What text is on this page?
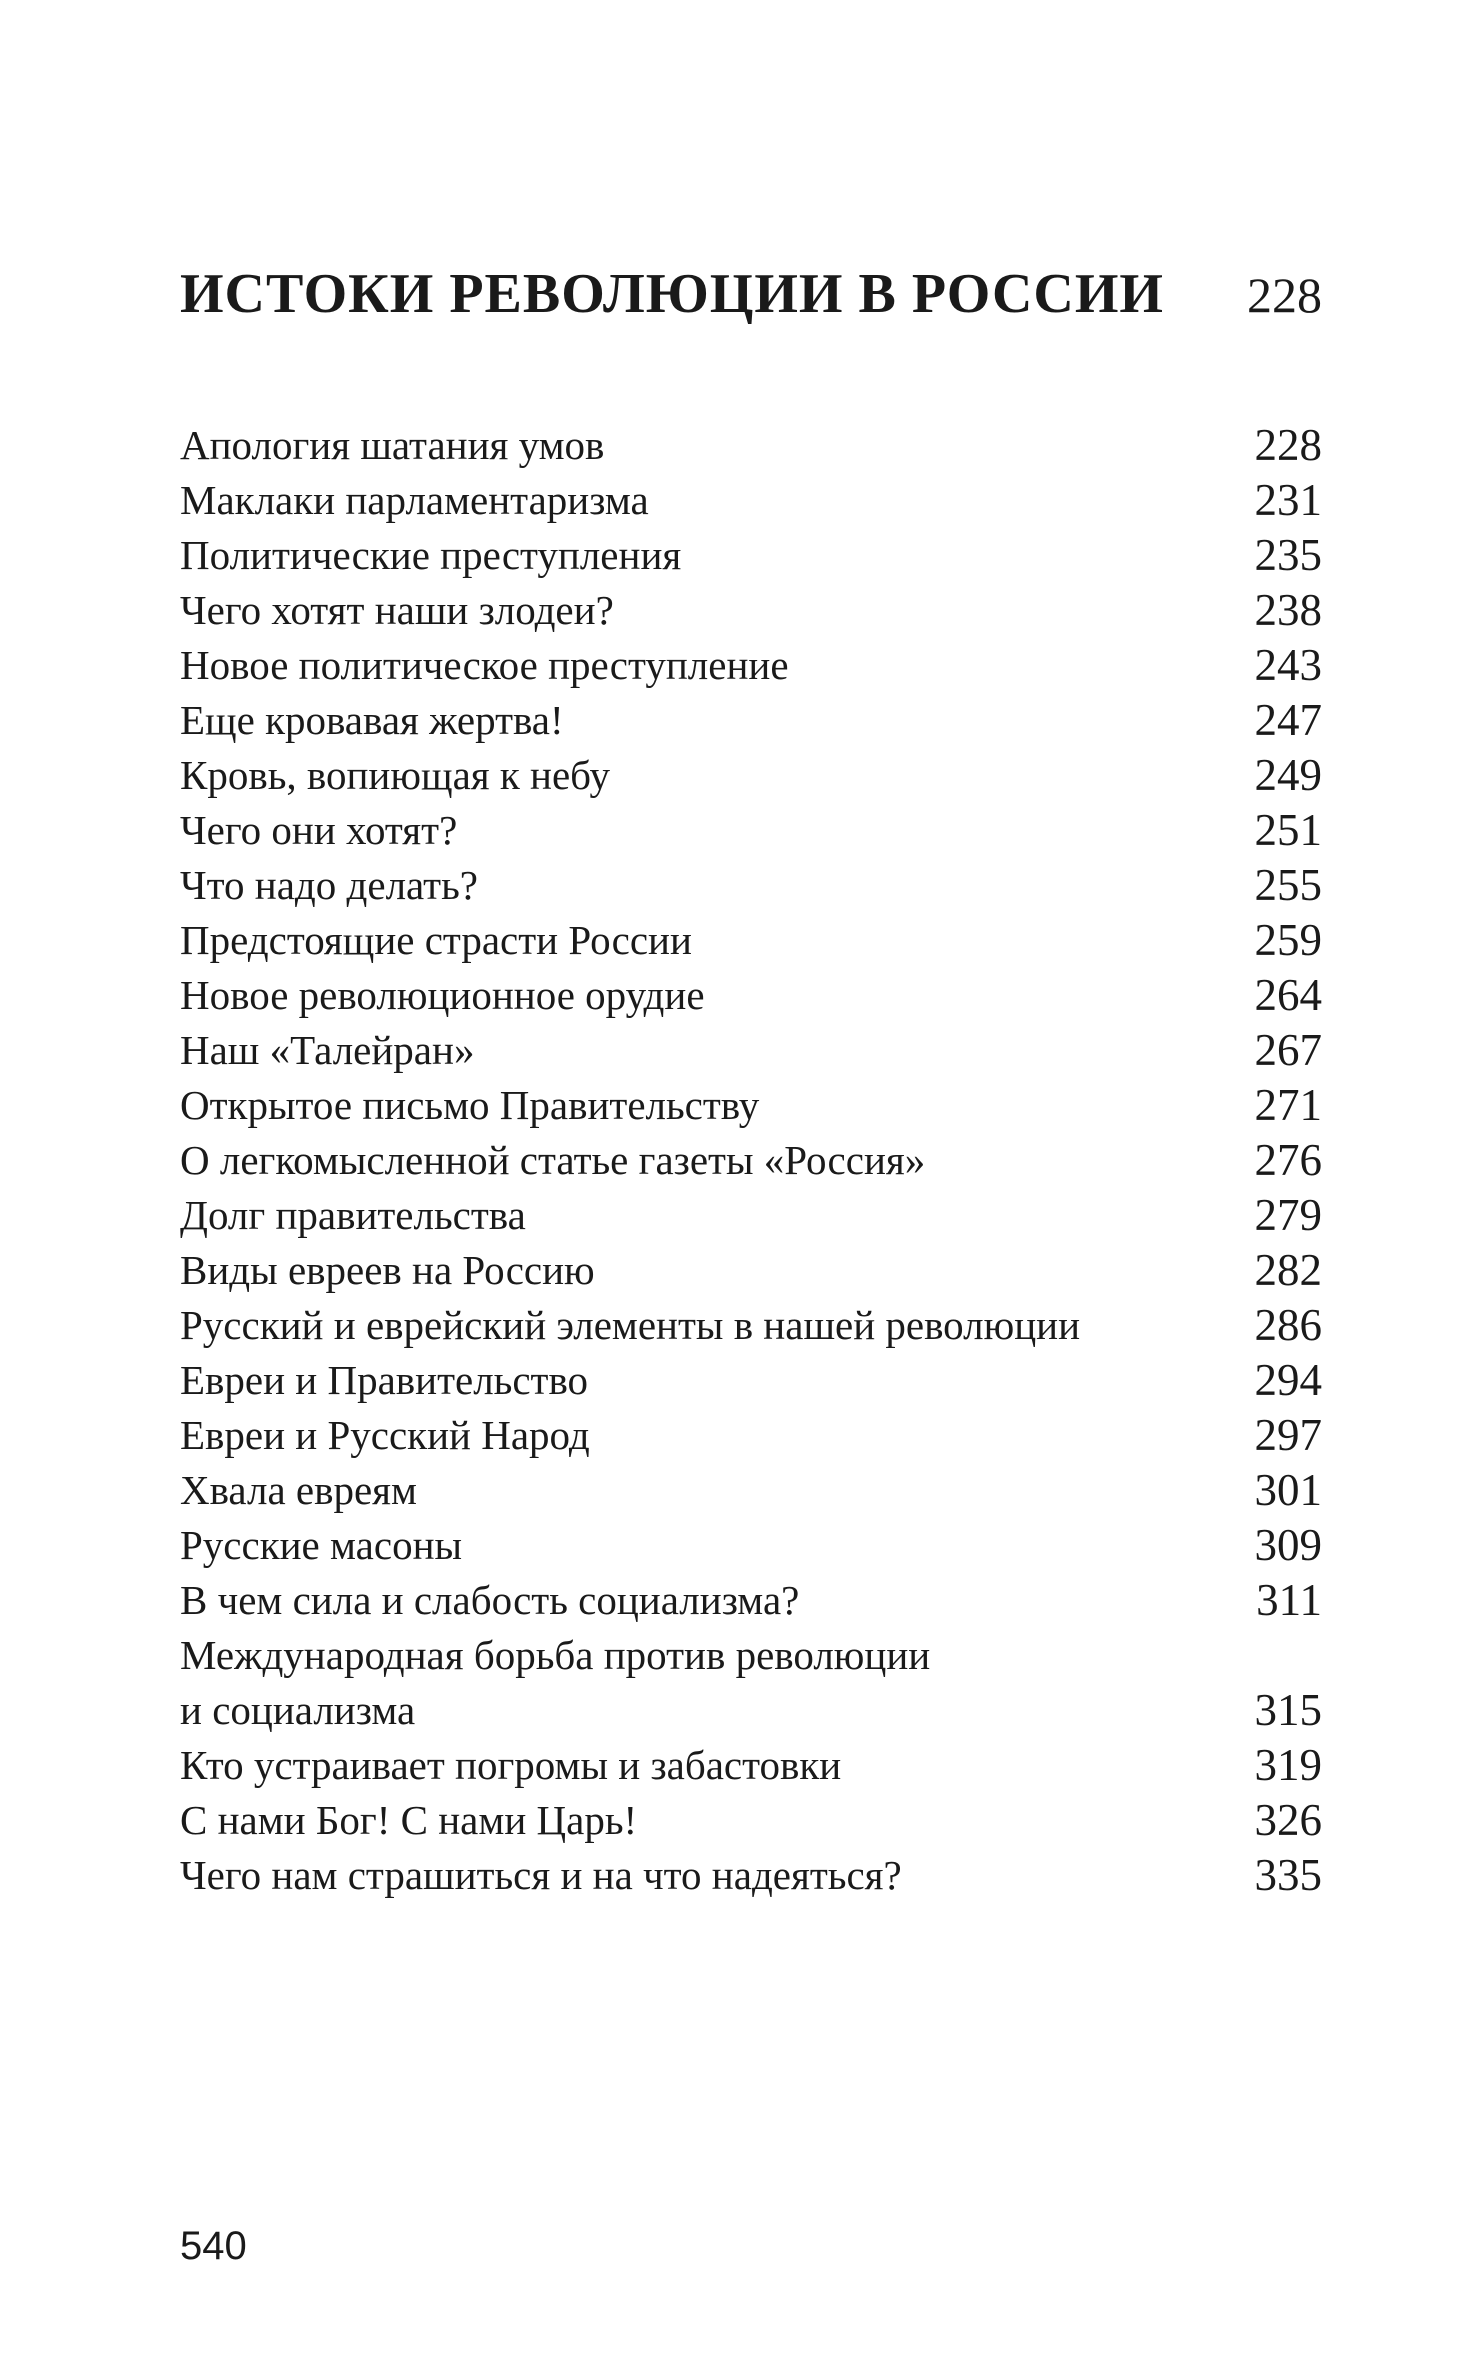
ИСТОКИ РЕВОЛЮЦИИ В РОССИИ 228
Апология шатания умов	228
Маклаки парламентаризма	231
Политические преступления	235
Чего хотят наши злодеи?	238
Новое политическое преступление	243
Еще кровавая жертва!	247
Кровь, вопиющая к небу	249
Чего они хотят?	251
Что надо делать?	255
Предстоящие страсти России	259
Новое революционное орудие	264
Наш «Талейран»	267
Открытое письмо Правительству	271
О легкомысленной статье газеты «Россия»	276
Долг правительства	279
Виды евреев на Россию	282
Русский и еврейский элементы в нашей революции	286
Евреи и Правительство	294
Евреи и Русский Народ	297
Хвала евреям	301
Русские масоны	309
В чем сила и слабость социализма?	311
Международная борьба против революции
и социализма	315
Кто устраивает погромы и забастовки	319
С нами Бог! С нами Царь!	326
Чего нам страшиться и на что надеяться?	335
540
